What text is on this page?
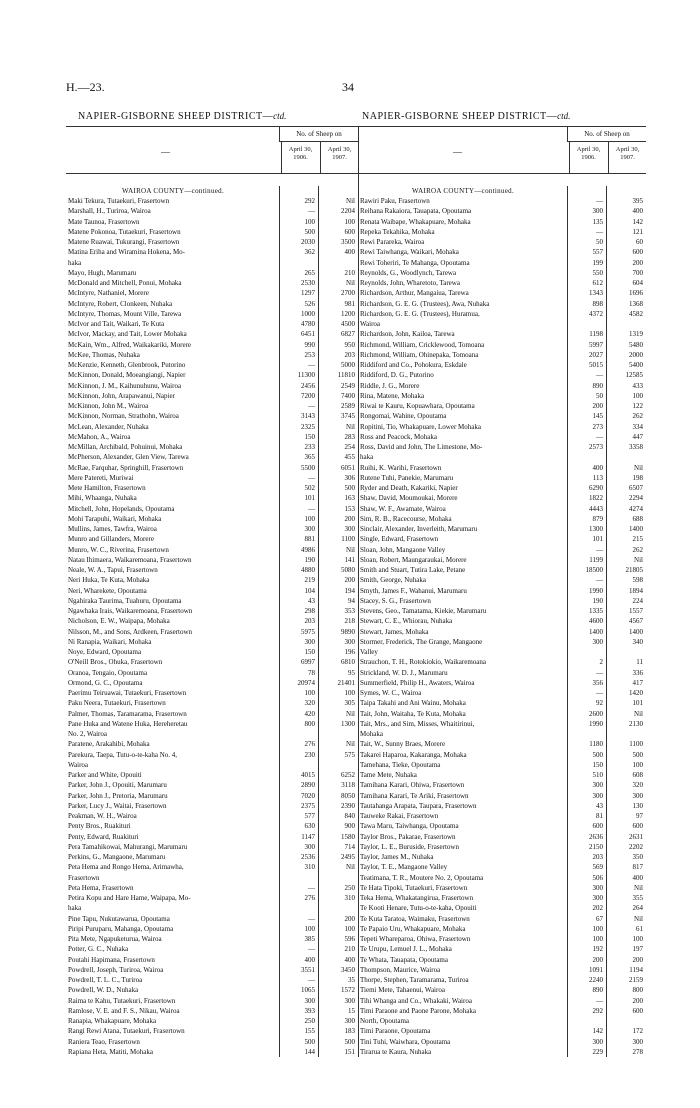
H.—23.	34
NAPIER-GISBORNE SHEEP DISTRICT—ctd.	NAPIER-GISBORNE SHEEP DISTRICT—ctd.
—
No. of Sheep on
April 30, 1906.
April 30, 1907.
WAIROA COUNTY—continued.
Maki Tekura, Tutaekuri, Frasertown	292	Nil
Marshall, H., Turiroa, Wairoa	—	2204
Mate Taunoa, Frasertown	100	100
Matene Pokonoa, Tutaekuri, Frasertown	500	600
Matene Ruawai, Tukurangi, Frasertown	2030	3500
Matina Eriha and Wiramina Hokena, Mo-	362	400
haka
Mayo, Hugh, Marumaru	265	210
McDonald and Mitchell, Ponui, Mohaka	2530	Nil
McIntyre, Nathaniel, Morere	1297	2700
McIntyre, Robert, Clonkeen, Nuhaka	526	981
McIntyre, Thomas, Mount Ville, Tarewa	1000	1200
McIvor and Tait, Waikari, Te Kuta	4780	4500
McIvor, Mackay, and Tait, Lower Mohaka	6451	6827
McKain, Wm., Alfred, Waikakariki, Morere	990	950
McKee, Thomas, Nuhaka	253	203
McKenzie, Kenneth, Glenbrook, Putorino	—	5000
McKinnon, Donald, Moeangiangi, Napier	11300	11810
McKinnon, J. M., Kaihunuhunu, Wairoa	2456	2549
McKinnon, John, Arapawanui, Napier	7200	7400
McKinnon, John M., Wairoa	—	2589
McKinnon, Norman, Strathohn, Wairoa	3143	3745
McLean, Alexander, Nuhaka	2325	Nil
McMahon, A., Wairoa	150	283
McMillan, Archibald, Pohuinui, Mohaka	233	254
McPherson, Alexander, Glen View, Tarewa	365	455
McRae, Farquhar, Springhill, Frasertown	5500	6051
Mere Patereti, Muriwai	—	306
Mete Hamilton, Frasertown	502	500
Mihi, Whaanga, Nuhaka	101	163
Mitchell, John, Hopelands, Opoutama	—	153
Mohi Tarapuhi, Waikari, Mohaka	100	200
Mullins, James, Tawfra, Wairoa	300	300
Munro and Gillanders, Morere	881	1100
Munro, W. C., Riverina, Frasertown	4986	Nil
Natau Ihimaera, Waikaremoana, Frasertown	190	141
Neale, W. A., Tapui, Frasertown	4880	5080
Neri Huka, Te Kuta, Mohaka	219	200
Neri, Wharekete, Opoutama	104	194
Ngahiraka Taurima, Tuahuru, Opoutama	43	94
Ngawhaka Irais, Waikaremoana, Frasertown	298	353
Nicholson, E. W., Waipapa, Mohaka	203	218
Nilsson, M., and Sons, Ardkeen, Frasertown	5975	9890
Ni Ranapia, Waikari, Mohaka	300	300
Noye, Edward, Opoutama	150	196
O'Neill Bros., Ohuka, Frasertown	6997	6810
Oranoa, Tengaio, Opoutama	78	95
Ormond, G. C., Opoutama	20974	21401
Paerimu Teiruawai, Tutaekuri, Frasertown	100	100
Paku Neera, Tutaekuri, Frasertown	320	305
Palmer, Thomas, Taramarama, Frasertown	420	Nil
Pane Huka and Watene Huka, Hereheretau	800	1300
No. 2, Wairoa
Paratene, Arakahibi, Mohaka	276	Nil
Parekura, Taepa, Tutu-o-te-kaha No. 4,	230	575
Wairoa
Parker and White, Opouiti	4015	6252
Parker, John J., Opouiti, Marumaru	2890	3118
Parker, John J., Pretoria, Marumaru	7020	8050
Parker, Lucy J., Waitai, Frasertown	2375	2390
Peakman, W. H., Wairoa	577	840
Penty Bros., Ruakituri	630	900
Penty, Edward, Ruakituri	1147	1580
Pera Tamahikowai, Mahurangi, Marumaru	300	714
Perkins, G., Mangaone, Marumaru	2536	2495
Peta Hema and Rongo Hema, Arimawha,	310	Nil
Frasertown
Peta Hema, Frasertown	—	250
Petira Kopu and Hare Hame, Waipapa, Mo-	276	310
haka
Pine Tapu, Nukutawarua, Opoutama	—	200
Piripi Puruparu, Mahanga, Opoutama	100	100
Pita Mete, Ngapuketurua, Wairoa	385	596
Potter, G. C., Nuhaka	—	210
Poutahi Hapimana, Frasertown	400	400
Powdrell, Joseph, Turiroa, Wairoa	3551	3450
Powdrell, T. L. C., Turiroa	—	35
Powdrell, W. D., Nuhaka	1065	1572
Raima te Kahu, Tutaekuri, Frasertown	300	300
Ramlose, V. E. and F. S., Nikau, Wairoa	393	15
Ranapia, Whakapuare, Mohaka	250	300
Rangi Rewi Atana, Tutaekuri, Frasertown	155	183
Raniera Teao, Frasertown	500	500
Rapiana Heta, Matiti, Mohaka	144	151
—
No. of Sheep on
April 30, 1906.
April 30, 1907.
WAIROA COUNTY—continued.
Rawiri Paku, Frasertown	—	395
Reihana Rakaiora, Tauapata, Opoutama	300	400
Renata Waibape, Whakapuare, Mohaka	135	142
Repeka Tekahika, Mohaka	—	121
Rewi Parareka, Wairoa	50	60
Rewi Taiwhanga, Waikari, Mohaka	557	600
Rewi Toheriri, Te Mahanga, Opoutama	199	200
Reynolds, G., Woodlynch, Tarewa	550	700
Reynolds, John, Wharetoto, Tarewa	612	604
Richardson, Arthur, Mangaiua, Tarewa	1343	1696
Richardson, G. E. G. (Trustees), Awa, Nuhaka	898	1368
Richardson, G. E. G. (Trustees), Huramua,	4372	4582
Wairoa
Richardson, John, Kailoa, Tarewa	1198	1319
Richmond, William, Cricklewood, Tomoana	5997	5480
Richmond, William, Ohinepaka, Tomoana	2027	2000
Riddiford and Co., Pohokura, Eskdale	5015	5400
Riddiford, D. G., Putorino	—	12585
Riddle, J. G., Morere	890	433
Rina, Matene, Mohaka	50	100
Riwai te Kauru, Kopuawhara, Opoutama	200	122
Rongomai, Wahine, Opoutama	145	262
Ropitini, Tio, Whakapuare, Lower Mohaka	273	334
Ross and Peacock, Mohaka	—	447
Ross, David and John, The Limestone, Mo-	2573	3358
haka
Ruihi, K. Warihi, Frasertown	400	Nil
Rutene Tuhi, Panekie, Marumaru	113	198
Ryder and Death, Kakariki, Napier	6290	6507
Shaw, David, Moumoukai, Morere	1822	2294
Shaw, W. F., Awamate, Wairoa	4443	4274
Sim, R. B., Racecourse, Mohaka	879	688
Sinclair, Alexander, Inverleith, Marumaru	1300	1400
Single, Edward, Frasertown	101	215
Sloan, John, Mangaone Valley	—	262
Sloan, Robert, Maungaraukai, Morere	1199	Nil
Smith and Stuart, Tutira Lake, Petane	18500	21805
Smith, George, Nuhaka	—	598
Smyth, James F., Wahanui, Marumaru	1990	1894
Stacey, S. G., Frasertown	190	224
Stevens, Geo., Tamatama, Kiekie, Marumaru	1335	1557
Stewart, C. E., Whiorau, Nuhaka	4600	4567
Stewart, James, Mohaka	1400	1400
Stormer, Frederick, The Grange, Mangaone	300	340
Valley
Strauchon, T. H., Rotokiokio, Waikaremoana	2	11
Strickland, W. D. J., Marumaru	—	336
Summerfield, Philip H., Awaters, Wairoa	356	417
Symes, W. C., Wairoa	—	1420
Taipa Takahi and Ani Wainu, Mohaka	92	101
Tait, John, Waitaha, Te Kuta, Mohaka	2600	Nil
Tait, Mrs., and Sim, Misses, Whaitirinui,	1990	2130
Mohaka
Tait, W., Sunny Braes, Morere	1180	1100
Takarei Haparoa, Kakaranga, Mohaka	500	500
Tamehana, Tieke, Opoutama	150	100
Tame Mete, Nuhaka	510	608
Tamihana Karari, Ohiwa, Frasertown	300	320
Tamihana Karari, Te Ariki, Frasertown	300	300
Tautahanga Arapata, Taupara, Frasertown	43	130
Tauweke Rakai, Frasertown	81	97
Tawa Maru, Taiwhanga, Opoutama	600	600
Taylor Bros., Pakarae, Frasertown	2636	2631
Taylor, L. E., Buruside, Frasertown	2150	2202
Taylor, James M., Nuhaka	203	350
Taylor, T. E., Mangaone Valley	569	817
Teatimana, T. R., Moutere No. 2, Opoutama	506	400
Te Hata Tipoki, Tutaekuri, Frasertown	300	Nil
Teka Hema, Whakatangirua, Frasertown	300	355
Te Kooti Henare, Tutu-o-te-kaha, Opouiti	202	264
Te Kuta Taratoa, Waimaku, Frasertown	67	Nil
Te Papaio Uru, Whakapuare, Mohaka	100	61
Tepeti Whareparoa, Ohiwa, Frasertown	100	100
Te Urupu, Lemuel J. L., Mohaka	192	197
Te Whata, Tauapata, Opoutama	200	200
Thompson, Maurice, Wairoa	1091	1194
Thorpe, Stephen, Taramarama, Turiroa	2240	2159
Tiemi Mete, Tahaenui, Wairoa	890	800
Tihi Whanga and Co., Whakaki, Wairoa	—	200
Timi Paraone and Paone Parone, Mohaka	292	600
North, Opoutama
Timi Paraone, Opoutama	142	172
Tini Tuhi, Waiwhara, Opoutama	300	300
Tirarua te Kaura, Nuhaka	229	278
